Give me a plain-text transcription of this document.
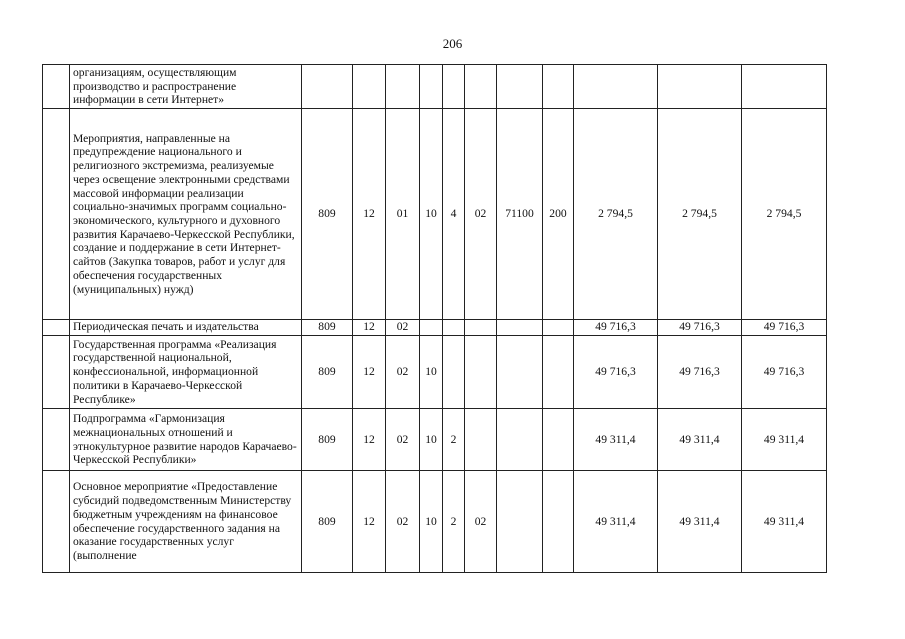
206
	организациям, осуществляющим производство и распространение информации в сети Интернет»											
	Мероприятия, направленные на предупреждение национального и религиозного экстремизма, реализуемые через освещение электронными средствами массовой информации реализации социально-значимых программ социально-экономического, культурного и духовного развития Карачаево-Черкесской Республики, создание и поддержание в сети Интернет-сайтов (Закупка товаров, работ и услуг для обеспечения государственных (муниципальных) нужд)	809	12	01	10	4	02	71100	200	2 794,5	2 794,5	2 794,5
	Периодическая печать и издательства	809	12	02						49 716,3	49 716,3	49 716,3
	Государственная программа «Реализация государственной национальной, конфессиональной, информационной политики в Карачаево-Черкесской Республике»	809	12	02	10					49 716,3	49 716,3	49 716,3
	Подпрограмма «Гармонизация межнациональных отношений и этнокультурное развитие народов Карачаево-Черкесской Республики»	809	12	02	10	2				49 311,4	49 311,4	49 311,4
	Основное мероприятие «Предоставление субсидий подведомственным Министерству бюджетным учреждениям на финансовое обеспечение государственного задания на оказание государственных услуг (выполнение	809	12	02	10	2	02			49 311,4	49 311,4	49 311,4
